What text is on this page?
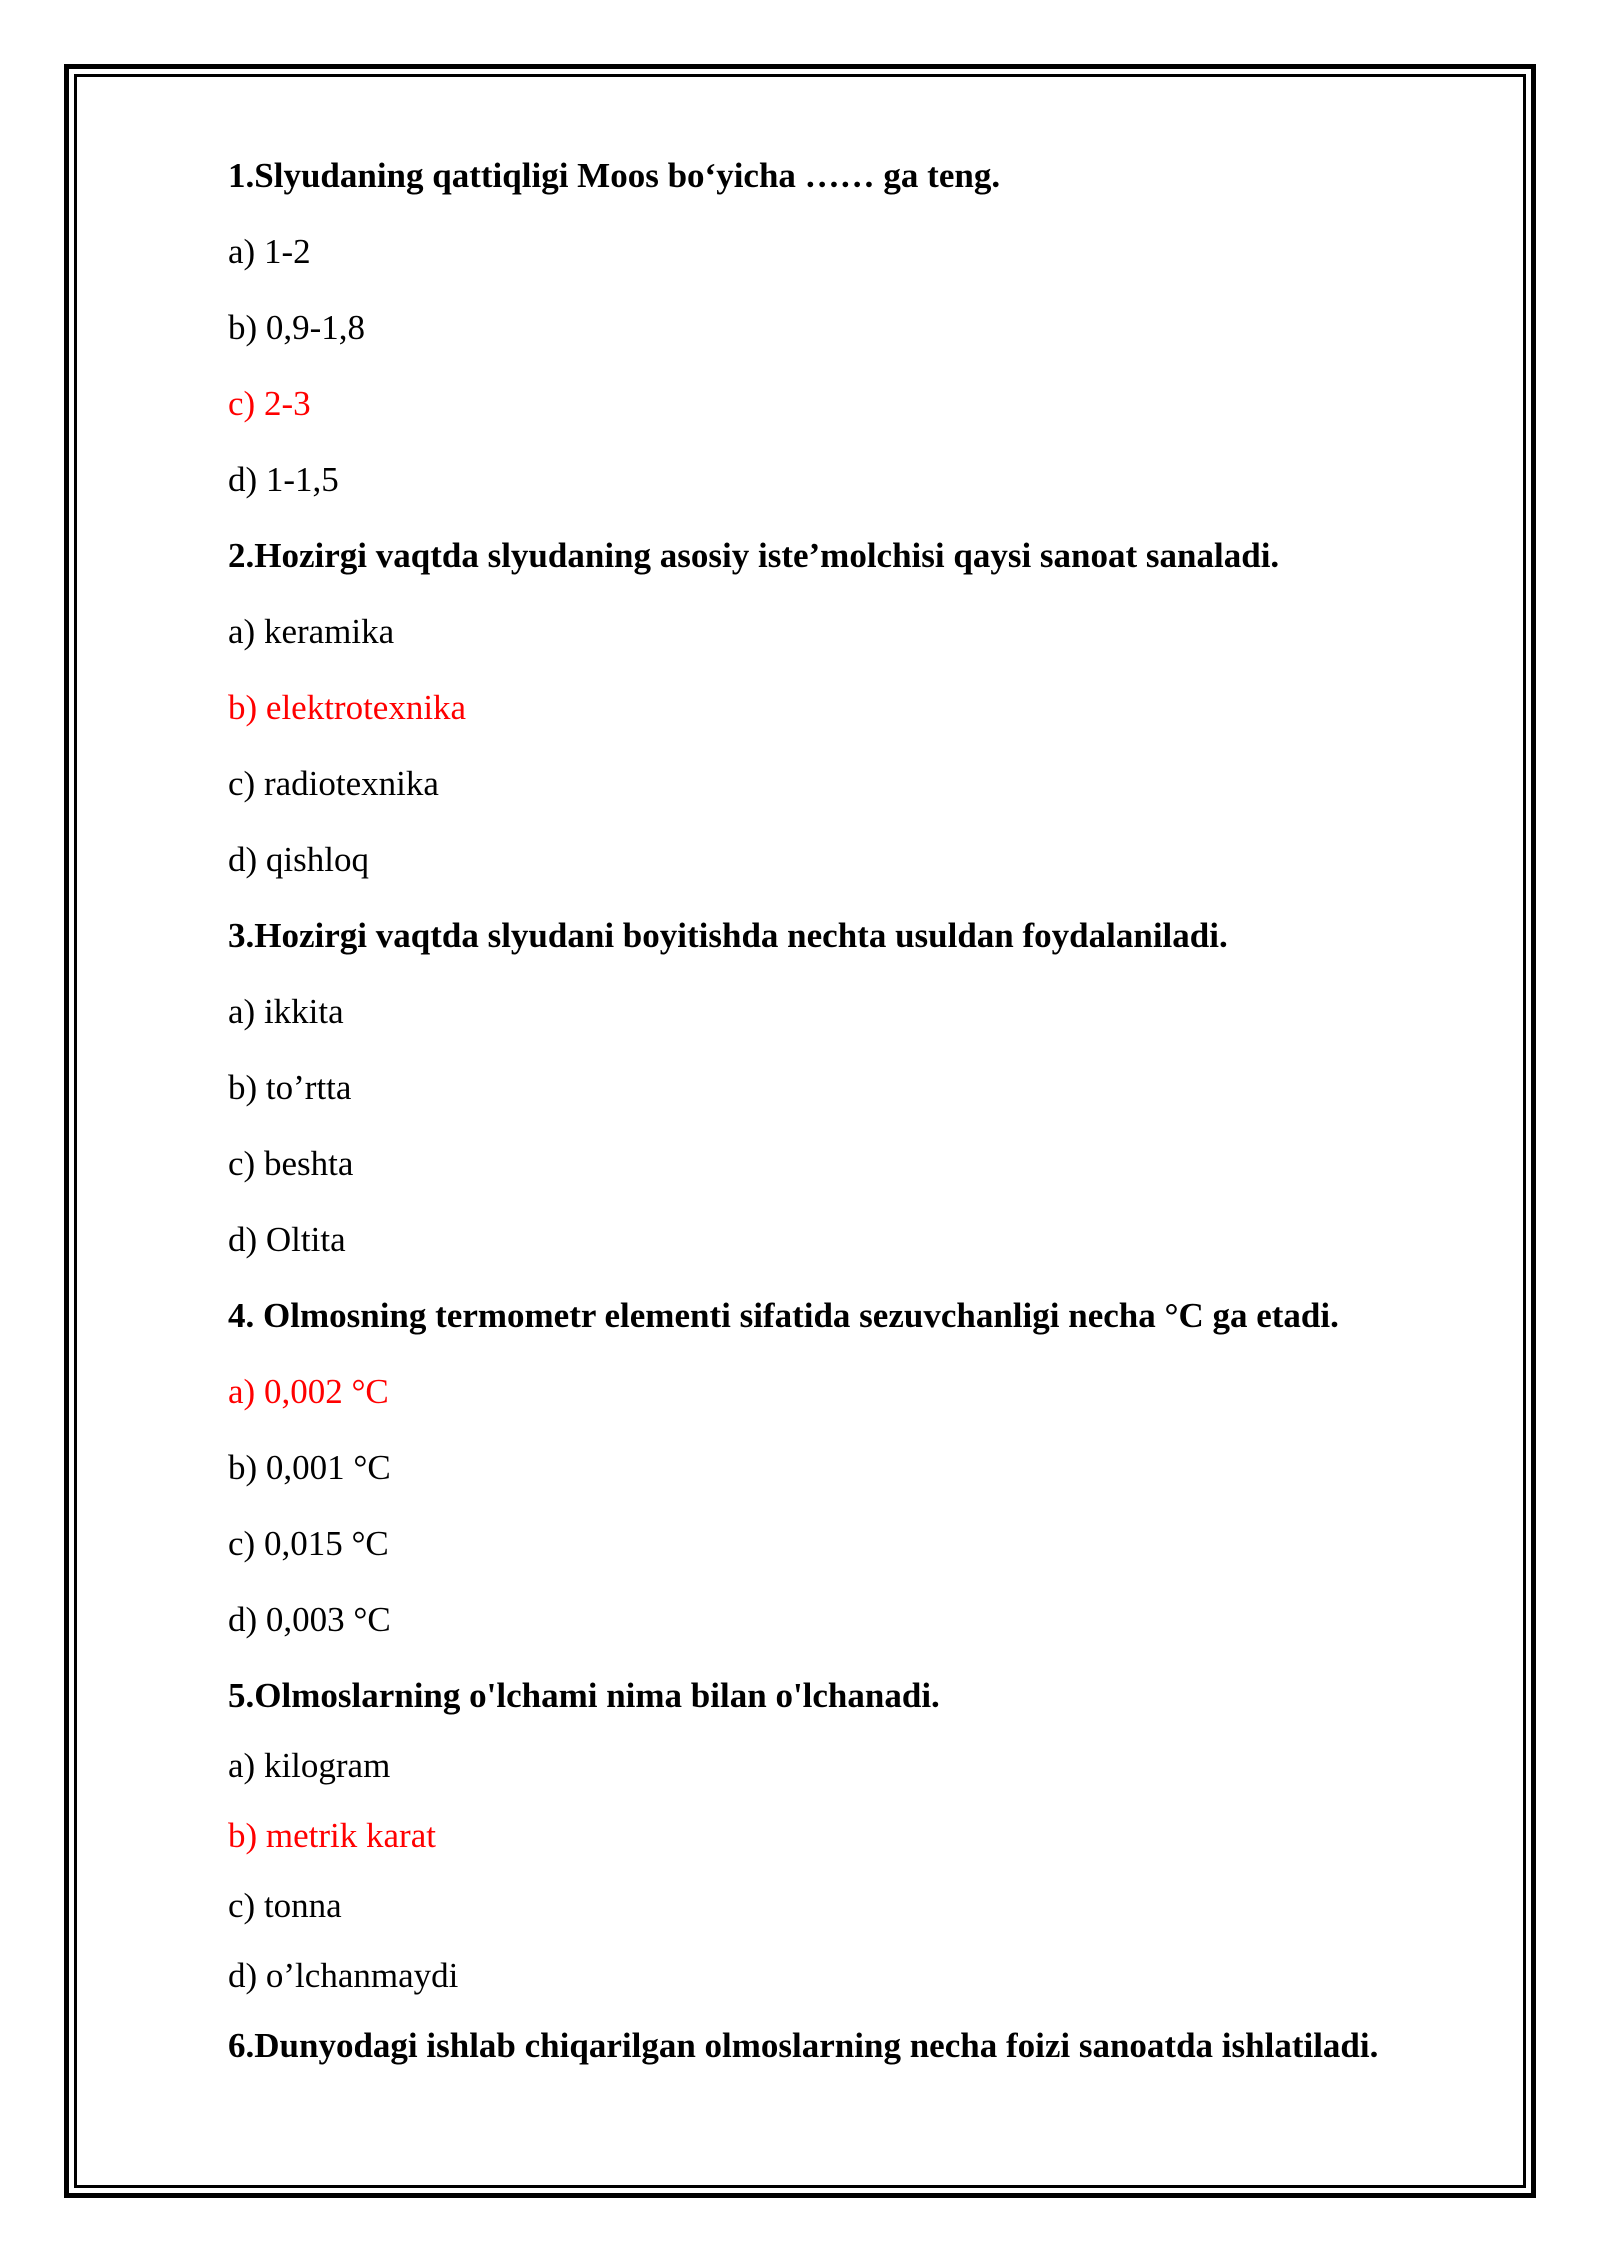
1.Slyudaning qattiqligi Moos bo‘yicha …… ga teng.
a) 1-2
b) 0,9-1,8
c) 2-3
d) 1-1,5
2.Hozirgi vaqtda slyudaning asosiy iste’molchisi qaysi sanoat sanaladi.
a) keramika
b) elektrotexnika
c) radiotexnika
d) qishloq
3.Hozirgi vaqtda slyudani boyitishda nechta usuldan foydalaniladi.
a) ikkita
b) to’rtta
c) beshta
d) Oltita
4. Olmosning termometr elementi sifatida sezuvchanligi necha °C ga etadi.
a) 0,002 °C
b) 0,001 °C
c) 0,015 °C
d) 0,003 °C
5.Olmoslarning o'lchami nima bilan o'lchanadi.
a) kilogram
b) metrik karat
c) tonna
d) o’lchanmaydi
6.Dunyodagi ishlab chiqarilgan olmoslarning necha foizi sanoatda ishlatiladi.
